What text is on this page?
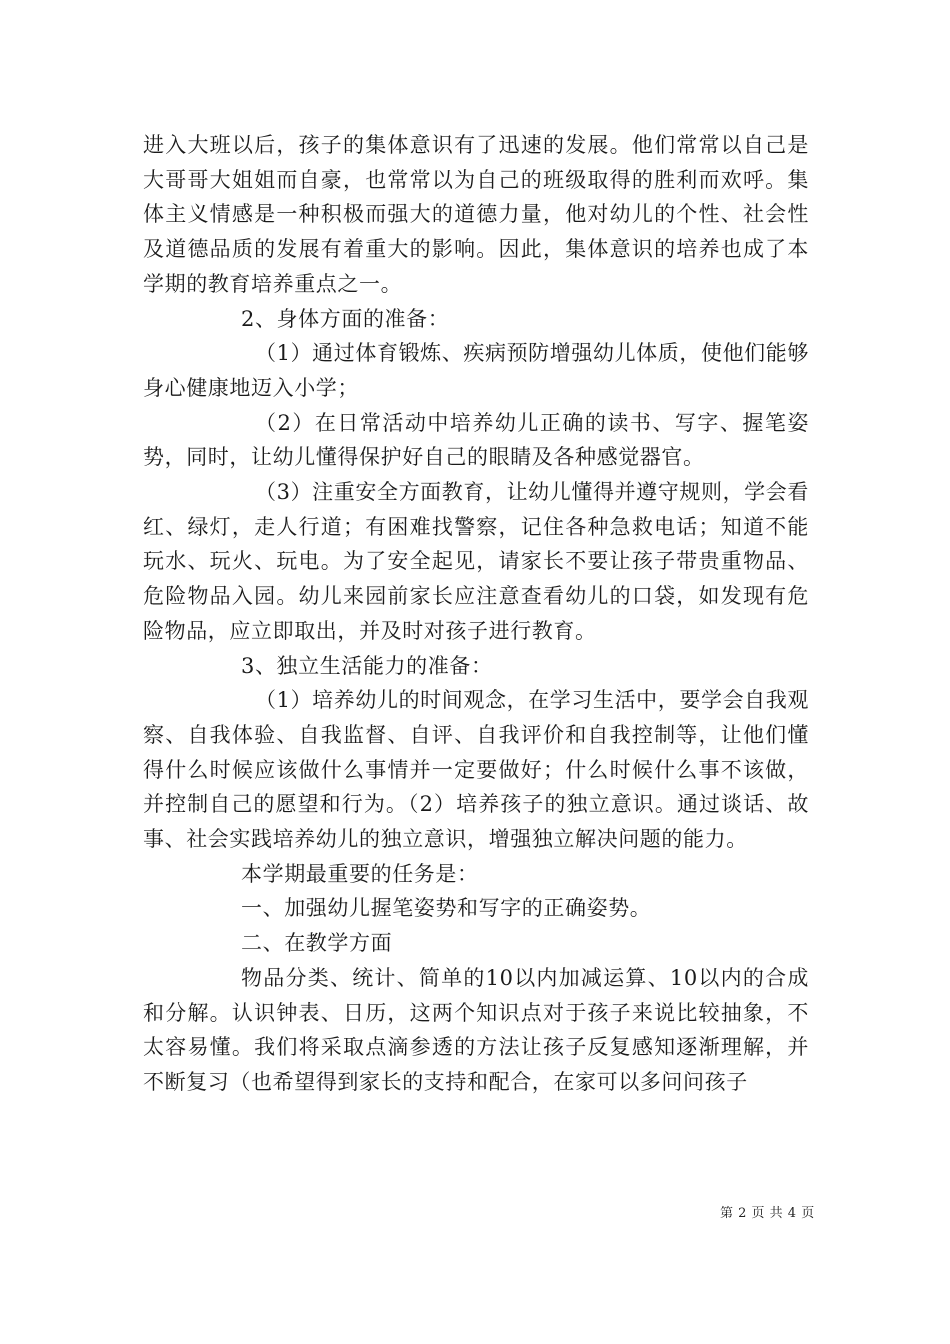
进入大班以后，孩子的集体意识有了迅速的发展。他们常常以自己是大哥哥大姐姐而自豪，也常常以为自己的班级取得的胜利而欢呼。集体主义情感是一种积极而强大的道德力量，他对幼儿的个性、社会性及道德品质的发展有着重大的影响。因此，集体意识的培养也成了本学期的教育培养重点之一。

2、身体方面的准备：

（1）通过体育锻炼、疾病预防增强幼儿体质，使他们能够身心健康地迈入小学；

（2）在日常活动中培养幼儿正确的读书、写字、握笔姿势，同时，让幼儿懂得保护好自己的眼睛及各种感觉器官。

（3）注重安全方面教育，让幼儿懂得并遵守规则，学会看红、绿灯，走人行道；有困难找警察，记住各种急救电话；知道不能玩水、玩火、玩电。为了安全起见，请家长不要让孩子带贵重物品、危险物品入园。幼儿来园前家长应注意查看幼儿的口袋，如发现有危险物品，应立即取出，并及时对孩子进行教育。

3、独立生活能力的准备：

（1）培养幼儿的时间观念，在学习生活中，要学会自我观察、自我体验、自我监督、自评、自我评价和自我控制等，让他们懂得什么时候应该做什么事情并一定要做好；什么时候什么事不该做，并控制自己的愿望和行为。（2）培养孩子的独立意识。通过谈话、故事、社会实践培养幼儿的独立意识，增强独立解决问题的能力。

本学期最重要的任务是：

一、加强幼儿握笔姿势和写字的正确姿势。

二、在教学方面

物品分类、统计、简单的10以内加减运算、10以内的合成和分解。认识钟表、日历，这两个知识点对于孩子来说比较抽象，不太容易懂。我们将采取点滴参透的方法让孩子反复感知逐渐理解，并不断复习（也希望得到家长的支持和配合，在家可以多问问孩子

第 2 页 共 4 页
